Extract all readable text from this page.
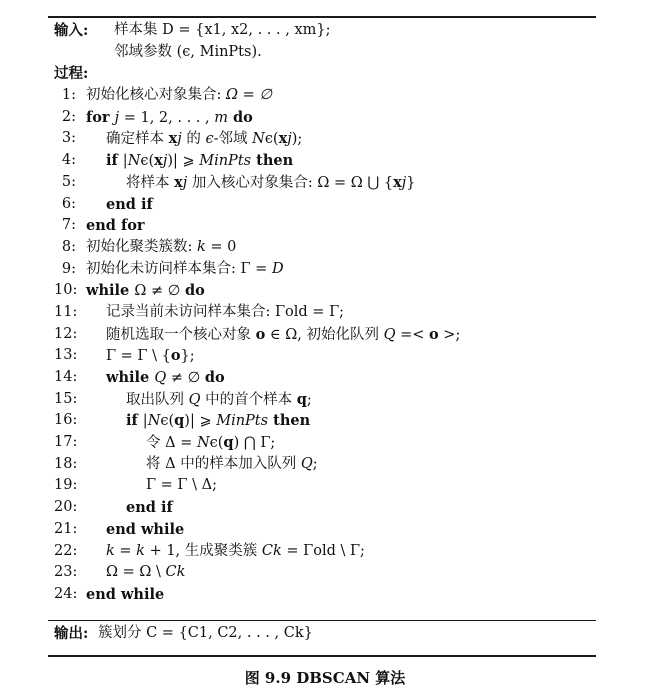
输入: 样本集 D = {x1, x2, . . . , xm};
邻域参数 (ϵ, MinPts).
过程:
1: 初始化核心对象集合: Ω = ∅
2: for j = 1, 2, . . . , m do
3: 确定样本 xj 的 ϵ-邻域 Nϵ(xj);
4: if |Nϵ(xj)| ⩾ MinPts then
5:	将样本 xj 加入核心对象集合: Ω = Ω ⋃ {xj}
6: end if
7: end for
8: 初始化聚类簇数: k = 0
9: 初始化未访问样本集合: Γ = D
10: while Ω ≠ ∅ do
11: 记录当前未访问样本集合: Γold = Γ;
12: 随机选取一个核心对象 o ∈ Ω, 初始化队列 Q =< o >;
13: Γ = Γ \ {o};
14: while Q ≠ ∅ do
15:	取出队列 Q 中的首个样本 q;
16:	if |Nϵ(q)| ⩾ MinPts then
17:	令 Δ = Nϵ(q) ⋂ Γ;
18:	将 Δ 中的样本加入队列 Q;
19:	Γ = Γ \ Δ;
20:	end if
21: end while
22: k = k + 1, 生成聚类簇 Ck = Γold \ Γ;
23: Ω = Ω \ Ck
24: end while
输出: 簇划分 C = {C1, C2, . . . , Ck}
图 9.9 DBSCAN 算法
